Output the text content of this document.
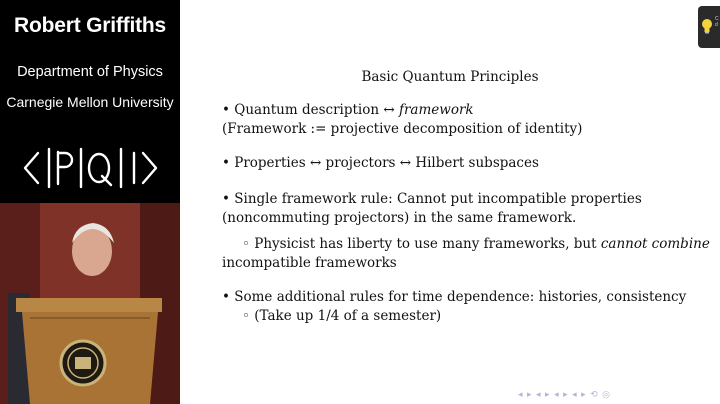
Robert Griffiths
Department of Physics
Carnegie Mellon University
Basic Quantum Principles
• Quantum description ↔ framework
(Framework := projective decomposition of identity)
• Properties ↔ projectors ↔ Hilbert subspaces
• Single framework rule: Cannot put incompatible properties
(noncommuting projectors) in the same framework.
◦ Physicist has liberty to use many frameworks, but cannot combine
incompatible frameworks
• Some additional rules for time dependence: histories, consistency
◦ (Take up 1/4 of a semester)
◂ ▸ ◂ ▸ ◂ ▸ ◂ ▸ ⟲ ◎
C d
